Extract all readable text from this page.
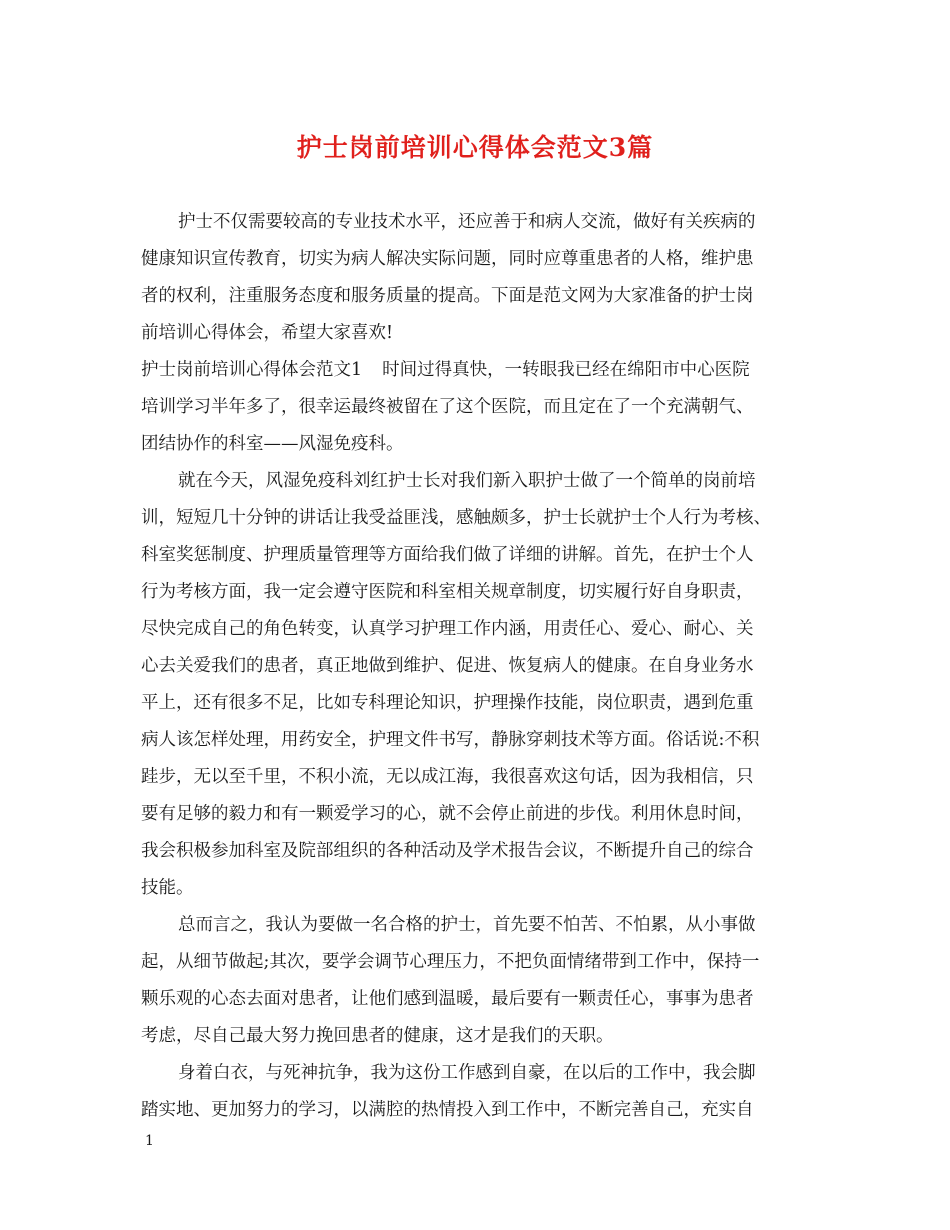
护士岗前培训心得体会范文3篇
护士不仅需要较高的专业技术水平，还应善于和病人交流，做好有关疾病的
健康知识宣传教育，切实为病人解决实际问题，同时应尊重患者的人格，维护患
者的权利，注重服务态度和服务质量的提高。下面是范文网为大家准备的护士岗
前培训心得体会，希望大家喜欢!
护士岗前培训心得体会范文1 时间过得真快，一转眼我已经在绵阳市中心医院
培训学习半年多了，很幸运最终被留在了这个医院，而且定在了一个充满朝气、
团结协作的科室——风湿免疫科。
就在今天，风湿免疫科刘红护士长对我们新入职护士做了一个简单的岗前培
训，短短几十分钟的讲话让我受益匪浅，感触颇多，护士长就护士个人行为考核、
科室奖惩制度、护理质量管理等方面给我们做了详细的讲解。首先，在护士个人
行为考核方面，我一定会遵守医院和科室相关规章制度，切实履行好自身职责，
尽快完成自己的角色转变，认真学习护理工作内涵，用责任心、爱心、耐心、关
心去关爱我们的患者，真正地做到维护、促进、恢复病人的健康。在自身业务水
平上，还有很多不足，比如专科理论知识，护理操作技能，岗位职责，遇到危重
病人该怎样处理，用药安全，护理文件书写，静脉穿刺技术等方面。俗话说:不积
跬步，无以至千里，不积小流，无以成江海，我很喜欢这句话，因为我相信，只
要有足够的毅力和有一颗爱学习的心，就不会停止前进的步伐。利用休息时间，
我会积极参加科室及院部组织的各种活动及学术报告会议，不断提升自己的综合
技能。
总而言之，我认为要做一名合格的护士，首先要不怕苦、不怕累，从小事做
起，从细节做起;其次，要学会调节心理压力，不把负面情绪带到工作中，保持一
颗乐观的心态去面对患者，让他们感到温暖，最后要有一颗责任心，事事为患者
考虑，尽自己最大努力挽回患者的健康，这才是我们的天职。
身着白衣，与死神抗争，我为这份工作感到自豪，在以后的工作中，我会脚
踏实地、更加努力的学习，以满腔的热情投入到工作中，不断完善自己，充实自
1
